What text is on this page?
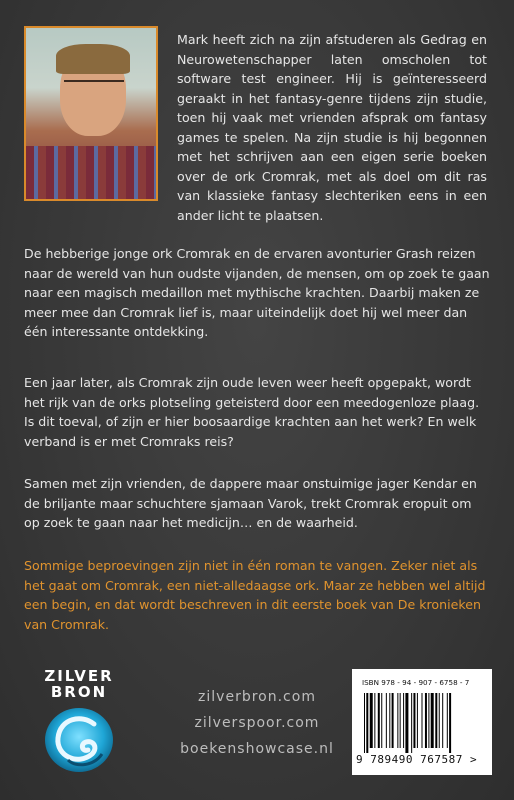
Mark heeft zich na zijn afstuderen als Gedrag en Neurowetenschapper laten omscholen tot software test engineer. Hij is geïnteresseerd geraakt in het fantasy-genre tijdens zijn studie, toen hij vaak met vrienden afsprak om fantasy games te spelen. Na zijn studie is hij begonnen met het schrijven aan een eigen serie boeken over de ork Cromrak, met als doel om dit ras van klassieke fantasy slechteriken eens in een ander licht te plaatsen.

De hebberige jonge ork Cromrak en de ervaren avonturier Grash reizen naar de wereld van hun oudste vijanden, de mensen, om op zoek te gaan naar een magisch medaillon met mythische krachten. Daarbij maken ze meer mee dan Cromrak lief is, maar uiteindelijk doet hij wel meer dan één interessante ontdekking.

Een jaar later, als Cromrak zijn oude leven weer heeft opgepakt, wordt het rijk van de orks plotseling geteisterd door een meedogenloze plaag. Is dit toeval, of zijn er hier boosaardige krachten aan het werk? En welk verband is er met Cromraks reis?

Samen met zijn vrienden, de dappere maar onstuimige jager Kendar en de briljante maar schuchtere sjamaan Varok, trekt Cromrak eropuit om op zoek te gaan naar het medicijn… en de waarheid.

Sommige beproevingen zijn niet in één roman te vangen. Zeker niet als het gaat om Cromrak, een niet-alledaagse ork. Maar ze hebben wel altijd een begin, en dat wordt beschreven in dit eerste boek van De kronieken van Cromrak.

ZILVER
BRON	zilverbron.com
zilverspoor.com
boekenshowcase.nl
ISBN 978 - 94 - 907 - 6758 - 7
9 789490 767587 >
